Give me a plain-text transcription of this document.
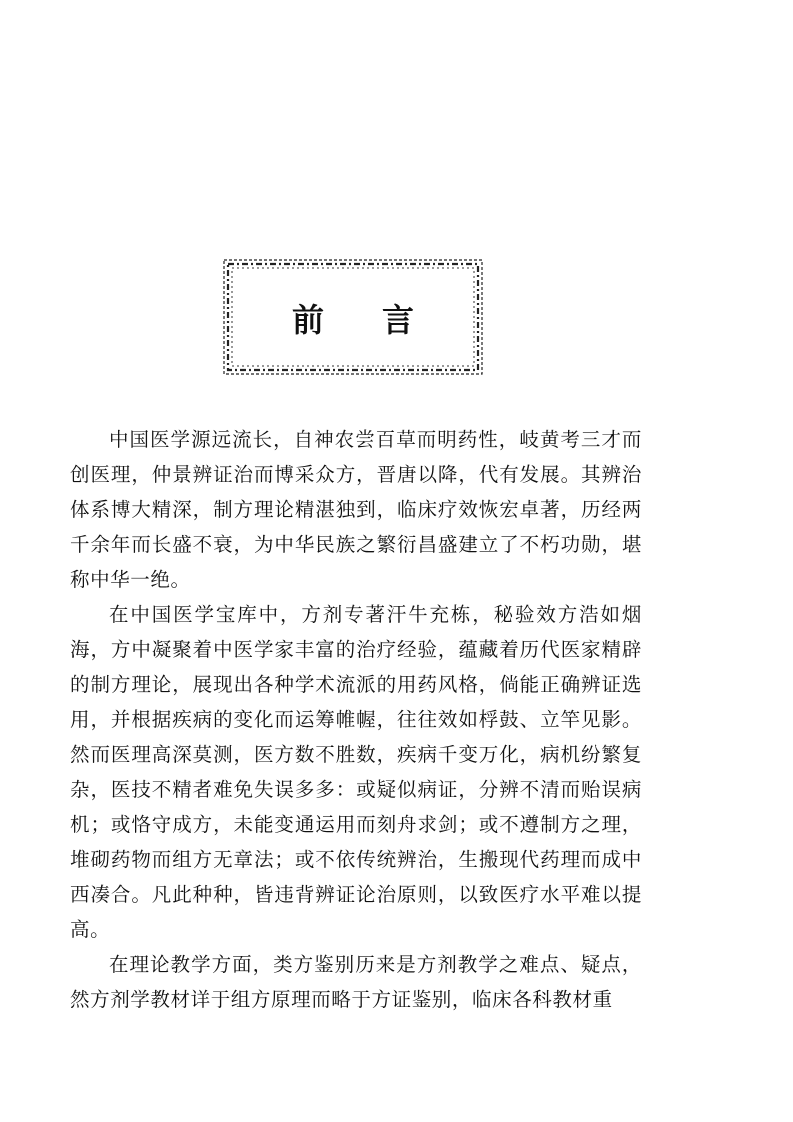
前 言

中国医学源远流长，自神农尝百草而明药性，岐黄考三才而创医理，仲景辨证治而博采众方，晋唐以降，代有发展。其辨治体系博大精深，制方理论精湛独到，临床疗效恢宏卓著，历经两千余年而长盛不衰，为中华民族之繁衍昌盛建立了不朽功勋，堪称中华一绝。

在中国医学宝库中，方剂专著汗牛充栋，秘验效方浩如烟海，方中凝聚着中医学家丰富的治疗经验，蕴藏着历代医家精辟的制方理论，展现出各种学术流派的用药风格，倘能正确辨证选用，并根据疾病的变化而运筹帷幄，往往效如桴鼓、立竿见影。然而医理高深莫测，医方数不胜数，疾病千变万化，病机纷繁复杂，医技不精者难免失误多多：或疑似病证，分辨不清而贻误病机；或恪守成方，未能变通运用而刻舟求剑；或不遵制方之理，堆砌药物而组方无章法；或不依传统辨治，生搬现代药理而成中西凑合。凡此种种，皆违背辨证论治原则，以致医疗水平难以提高。

在理论教学方面，类方鉴别历来是方剂教学之难点、疑点，然方剂学教材详于组方原理而略于方证鉴别，临床各科教材重
